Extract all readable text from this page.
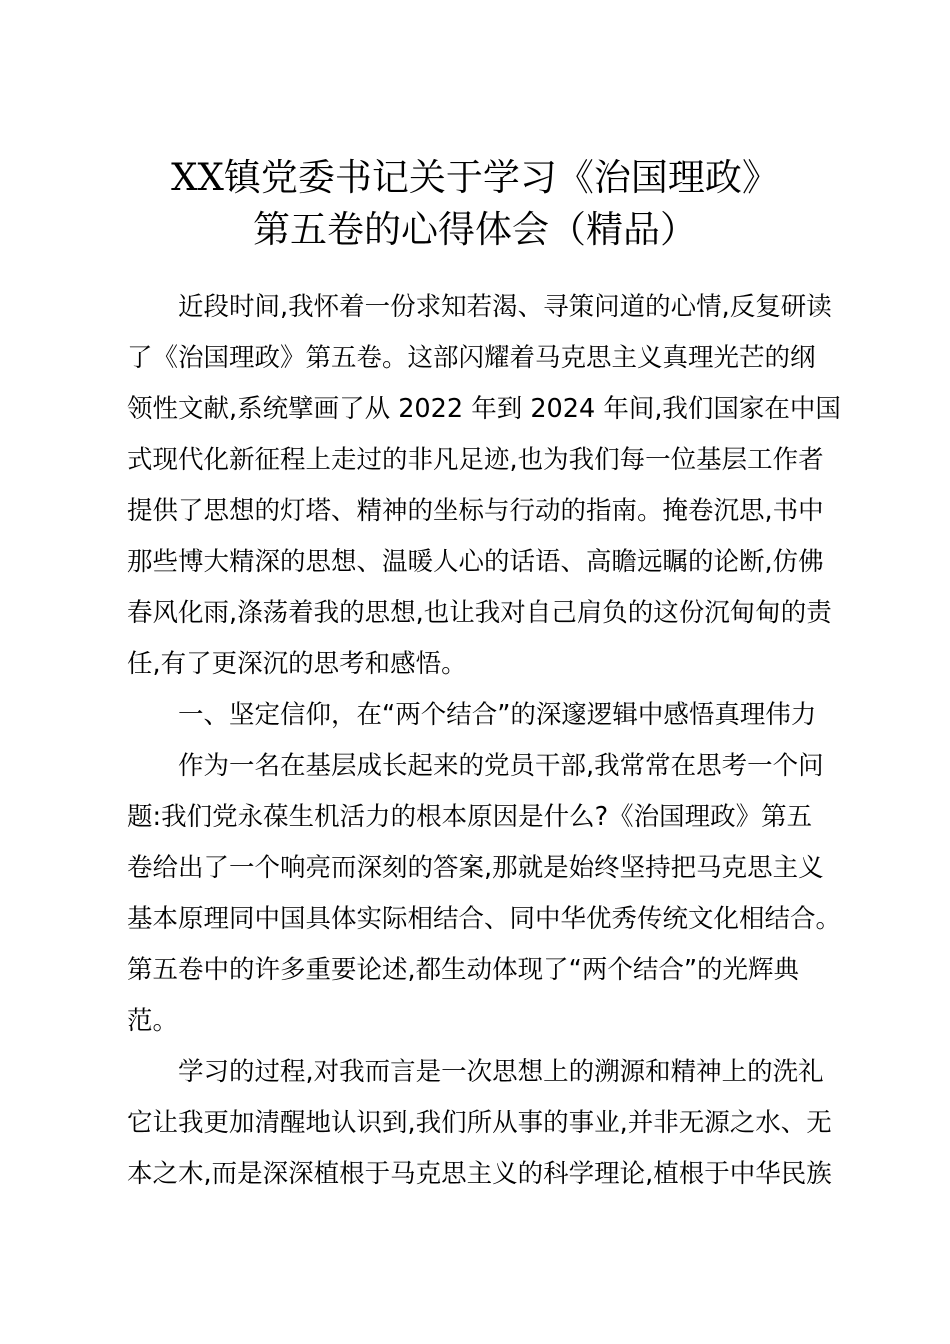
XX镇党委书记关于学习《治国理政》
第五卷的心得体会（精品）

近段时间,我怀着一份求知若渴、寻策问道的心情,反复研读

了《治国理政》第五卷。这部闪耀着马克思主义真理光芒的纲

领性文献,系统擘画了从 2022 年到 2024 年间,我们国家在中国

式现代化新征程上走过的非凡足迹,也为我们每一位基层工作者

提供了思想的灯塔、精神的坐标与行动的指南。掩卷沉思,书中

那些博大精深的思想、温暖人心的话语、高瞻远瞩的论断,仿佛

春风化雨,涤荡着我的思想,也让我对自己肩负的这份沉甸甸的责

任,有了更深沉的思考和感悟。

一、坚定信仰，在“两个结合”的深邃逻辑中感悟真理伟力

作为一名在基层成长起来的党员干部,我常常在思考一个问

题:我们党永葆生机活力的根本原因是什么?《治国理政》第五

卷给出了一个响亮而深刻的答案,那就是始终坚持把马克思主义

基本原理同中国具体实际相结合、同中华优秀传统文化相结合。

第五卷中的许多重要论述,都生动体现了“两个结合”的光辉典

范。

学习的过程,对我而言是一次思想上的溯源和精神上的洗礼

它让我更加清醒地认识到,我们所从事的事业,并非无源之水、无

本之木,而是深深植根于马克思主义的科学理论,植根于中华民族
